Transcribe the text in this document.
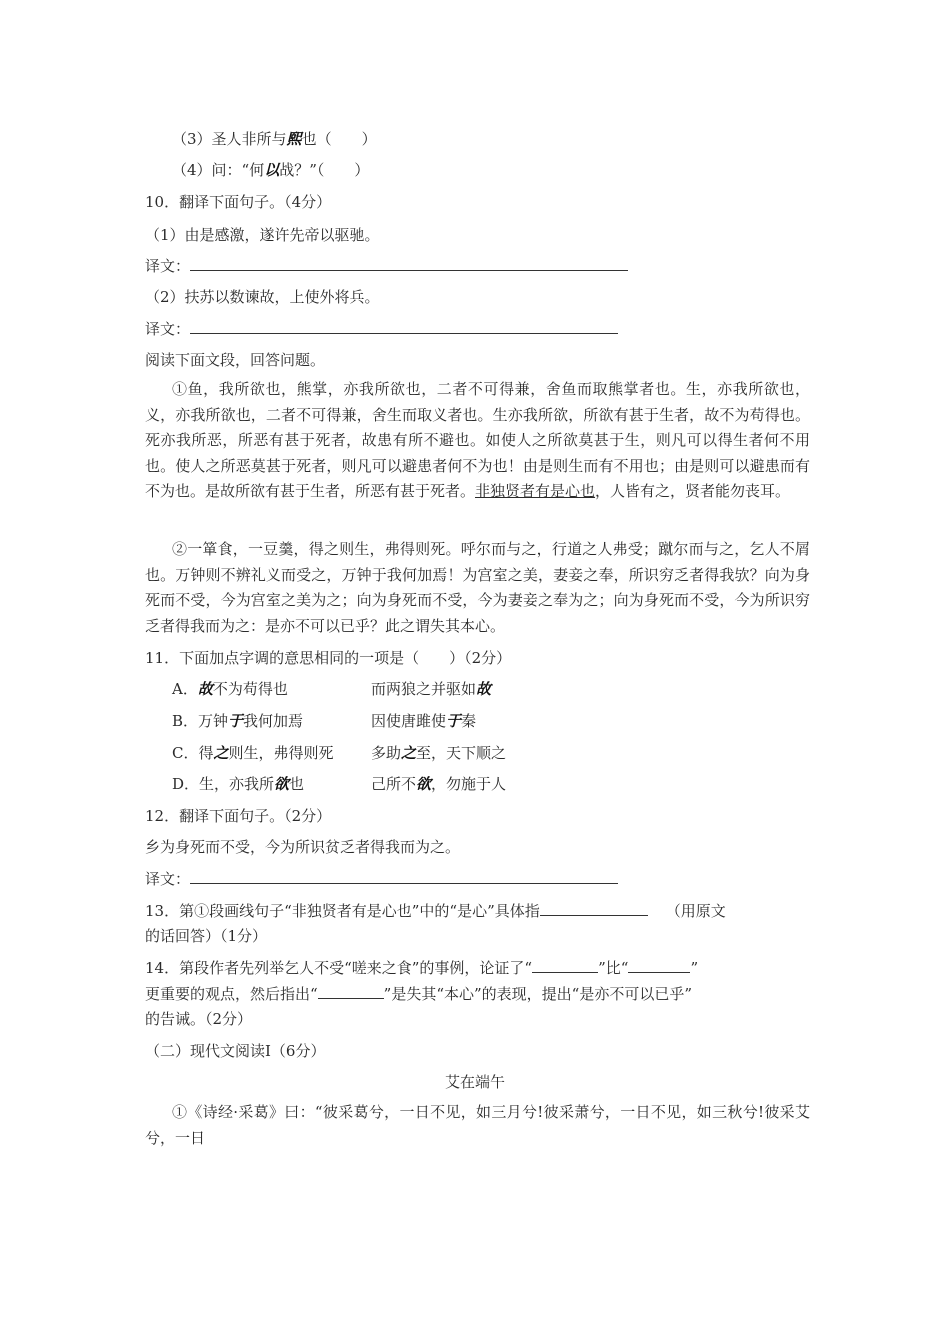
（3）圣人非所与熙也（　　）
（4）问：“何以战？”（　　）
10．翻译下面句子。（4分）
（1）由是感激，遂许先帝以驱驰。
译文：
（2）扶苏以数谏故，上使外将兵。
译文：
阅读下面文段，回答问题。
①鱼，我所欲也，熊掌，亦我所欲也，二者不可得兼，舍鱼而取熊掌者也。生，亦我所欲也，义，亦我所欲也，二者不可得兼，舍生而取义者也。生亦我所欲，所欲有甚于生者，故不为苟得也。死亦我所恶，所恶有甚于死者，故患有所不避也。如使人之所欲莫甚于生，则凡可以得生者何不用也。使人之所恶莫甚于死者，则凡可以避患者何不为也！由是则生而有不用也；由是则可以避患而有不为也。是故所欲有甚于生者，所恶有甚于死者。非独贤者有是心也，人皆有之，贤者能勿丧耳。
②一箪食，一豆羹，得之则生，弗得则死。呼尔而与之，行道之人弗受；蹴尔而与之，乞人不屑也。万钟则不辨礼义而受之，万钟于我何加焉！为宫室之美，妻妾之奉，所识穷乏者得我欤？向为身死而不受，今为宫室之美为之；向为身死而不受，今为妻妾之奉为之；向为身死而不受，今为所识穷乏者得我而为之：是亦不可以已乎？此之谓失其本心。
11．下面加点字调的意思相同的一项是（　　）（2分）
A．故不为苟得也	而两狼之并驱如故
B．万钟于我何加焉	因使唐雎使于秦
C．得之则生，弗得则死 多助之至，天下顺之
D．生，亦我所欲也	己所不欲，勿施于人
12．翻译下面句子。（2分）
乡为身死而不受，今为所识贫乏者得我而为之。
译文：
13．第①段画线句子“非独贤者有是心也”中的“是心”具体指	（用原文
的话回答）（1分）
14．第段作者先列举乞人不受“嗟来之食”的事例，论证了“	”比“	”
更重要的观点，然后指出“	”是失其“本心”的表现，提出“是亦不可以已乎”
的告诫。（2分）
（二）现代文阅读Ⅰ（6分）
艾在端午
①《诗经·采葛》曰：“彼采葛兮，一日不见，如三月兮!彼采萧兮，一日不见，如三秋兮!彼采艾兮，一日
